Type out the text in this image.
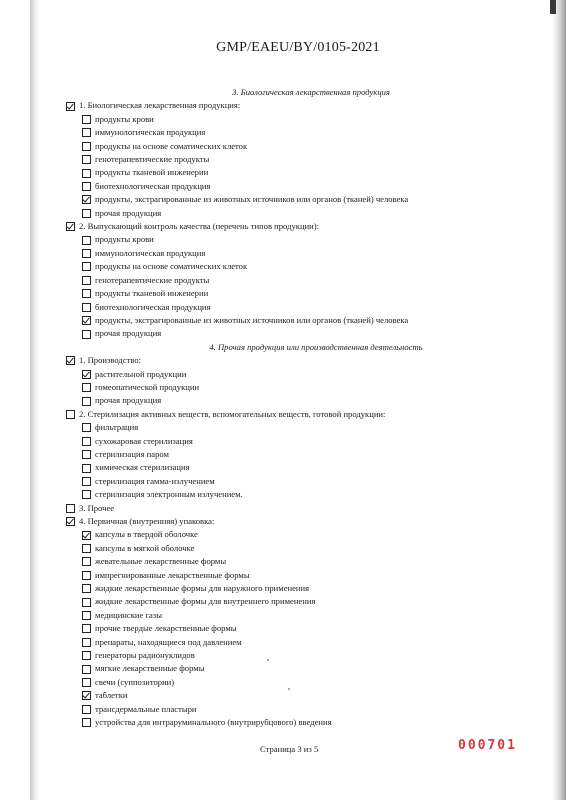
GMP/EAEU/BY/0105-2021
3. Биологическая лекарственная продукция
1. Биологическая лекарственная продукция:
продукты крови
иммунологическая продукция
продукты на основе соматических клеток
генотерапевтические продукты
продукты тканевой инженерии
биотехнологическая продукция
продукты, экстрагированные из животных источников или органов (тканей) человека
прочая продукция
2. Выпускающий контроль качества (перечень типов продукции):
продукты крови
иммунологическая продукция
продукты на основе соматических клеток
генотерапевтические продукты
продукты тканевой инженерии
биотехнологическая продукция
продукты, экстрагированные из животных источников или органов (тканей) человека
прочая продукция
4. Прочая продукция или производственная деятельность
1. Производство:
растительной продукции
гомеопатической продукции
прочая продукция
2. Стерилизация активных веществ, вспомогательных веществ, готовой продукции:
фильтрация
сухожаровая стерилизация
стерилизация паром
химическая стерилизация
стерилизация гамма-излучением
стерилизация электронным излучением.
3. Прочее
4. Первичная (внутренняя) упаковка:
капсулы в твердой оболочке
капсулы в мягкой оболочке
жевательные лекарственные формы
импрегнированные лекарственные формы
жидкие лекарственные формы для наружного применения
жидкие лекарственные формы для внутреннего применения
медицинские газы
прочие твердые лекарственные формы
препараты, находящиеся под давлением
генераторы радионуклидов
мягкие лекарственные формы
свечи (суппозитории)
таблетки
трансдермальные пластыри
устройства для интраруминального (внутрирубцового) введения
Страница 3 из 5	000701
